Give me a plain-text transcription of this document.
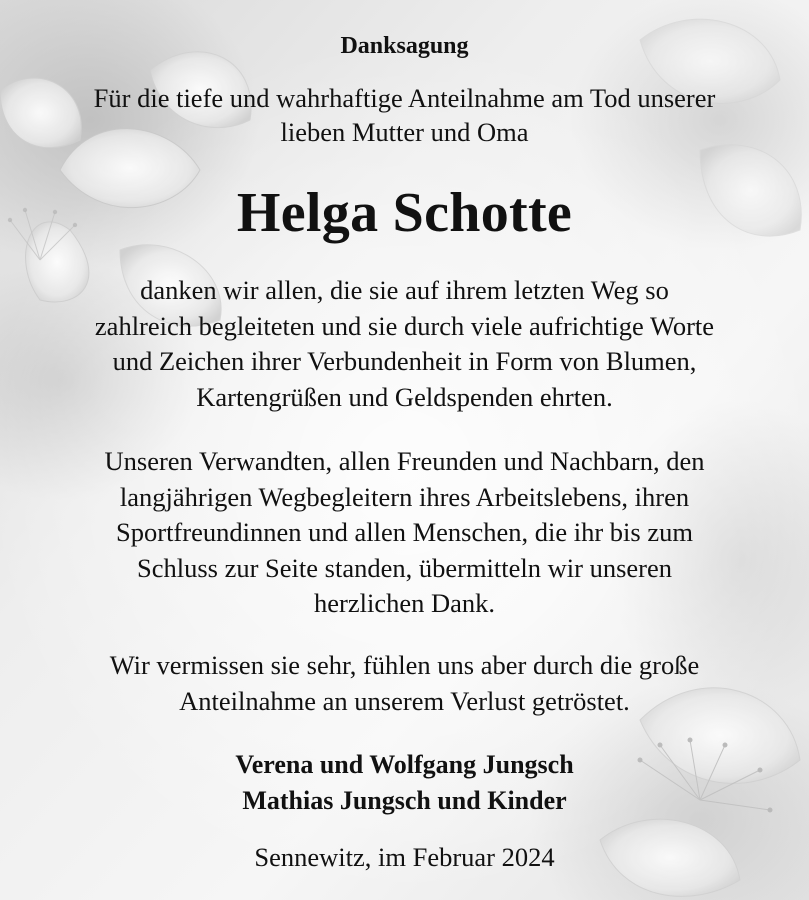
Danksagung
Für die tiefe und wahrhaftige Anteilnahme am Tod unserer
lieben Mutter und Oma
Helga Schotte
danken wir allen, die sie auf ihrem letzten Weg so
zahlreich begleiteten und sie durch viele aufrichtige Worte
und Zeichen ihrer Verbundenheit in Form von Blumen,
Kartengrüßen und Geldspenden ehrten.
Unseren Verwandten, allen Freunden und Nachbarn, den
langjährigen Wegbegleitern ihres Arbeitslebens, ihren
Sportfreundinnen und allen Menschen, die ihr bis zum
Schluss zur Seite standen, übermitteln wir unseren
herzlichen Dank.
Wir vermissen sie sehr, fühlen uns aber durch die große
Anteilnahme an unserem Verlust getröstet.
Verena und Wolfgang Jungsch
Mathias Jungsch und Kinder
Sennewitz, im Februar 2024
